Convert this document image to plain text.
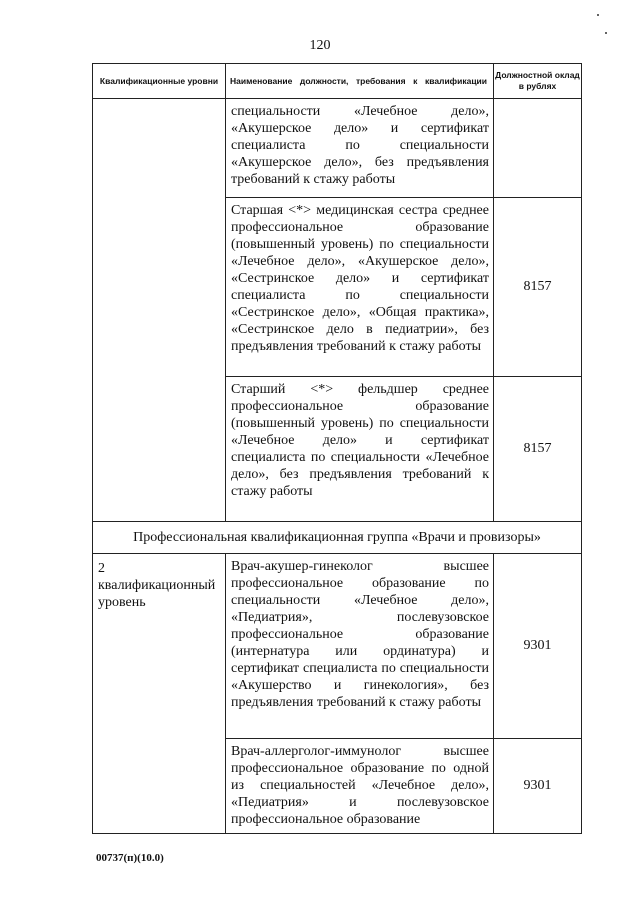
120
Квалификационные уровни	Наименование должности, требования к квалификации	Должностной оклад в рублях
	специальности «Лечебное дело», «Акушерское дело» и сертификат специалиста по специальности «Акушерское дело», без предъявления требований к стажу работы	
	Старшая <*> медицинская сестра среднее профессиональное образование (повышенный уровень) по специальности «Лечебное дело», «Акушерское дело», «Сестринское дело» и сертификат специалиста по специальности «Сестринское дело», «Общая практика», «Сестринское дело в педиатрии», без предъявления требований к стажу работы	8157
	Старший <*> фельдшер среднее профессиональное образование (повышенный уровень) по специальности «Лечебное дело» и сертификат специалиста по специальности «Лечебное дело», без предъявления требований к стажу работы	8157
Профессиональная квалификационная группа «Врачи и провизоры»		
2 квалификационный уровень	Врач-акушер-гинеколог высшее профессиональное образование по специальности «Лечебное дело», «Педиатрия», послевузовское профессиональное образование (интернатура или ординатура) и сертификат специалиста по специальности «Акушерство и гинекология», без предъявления требований к стажу работы	9301
	Врач-аллерголог-иммунолог высшее профессиональное образование по одной из специальностей «Лечебное дело», «Педиатрия» и послевузовское профессиональное образование	9301
00737(п)(10.0)
